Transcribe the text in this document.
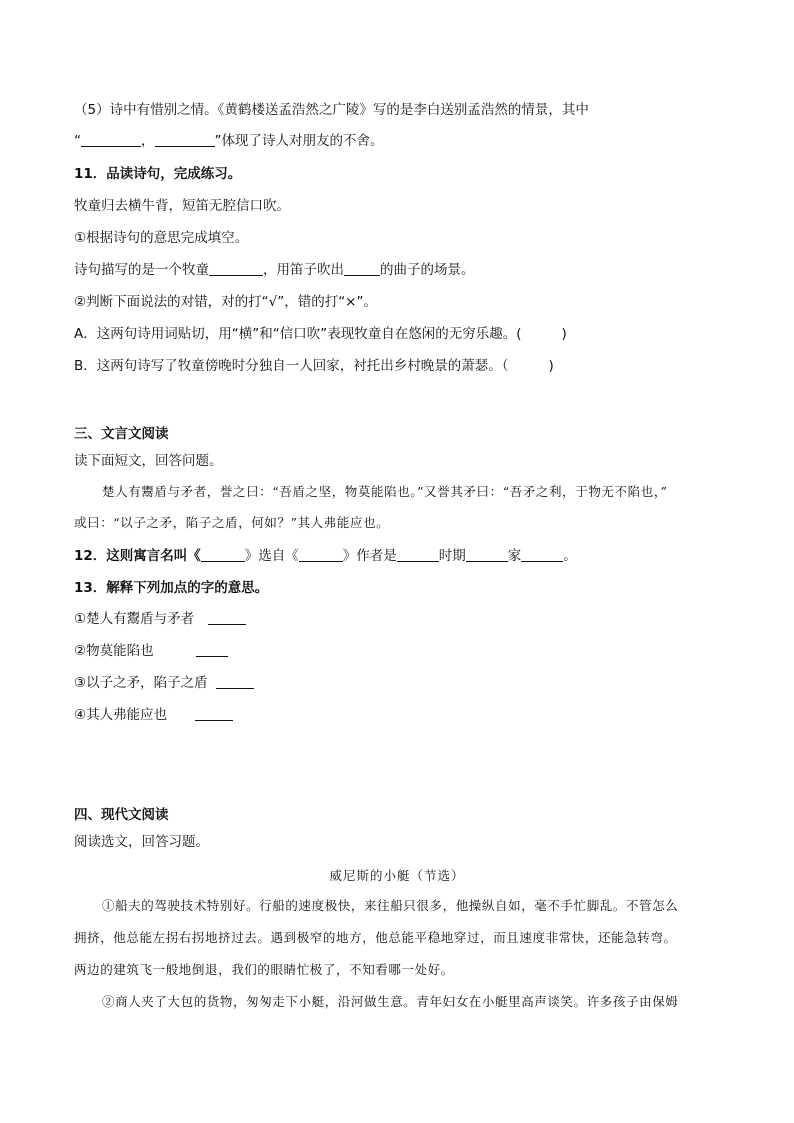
（5）诗中有惜别之情。《黄鹤楼送孟浩然之广陵》写的是李白送别孟浩然的情景，其中
“	，	”体现了诗人对朋友的不舍。
11．品读诗句，完成练习。
牧童归去横牛背，短笛无腔信口吹。
①根据诗句的意思完成填空。
诗句描写的是一个牧童	，用笛子吹出	的曲子的场景。
②判断下面说法的对错，对的打“√”，错的打“×”。
A．这两句诗用词贴切，用“横”和“信口吹”表现牧童自在悠闲的无穷乐趣。(	)
B．这两句诗写了牧童傍晚时分独自一人回家，衬托出乡村晚景的萧瑟。（	)
三、文言文阅读
读下面短文，回答问题。
楚人有鬻盾与矛者，誉之曰：“吾盾之坚，物莫能陷也。”又誉其矛曰：“吾矛之利，于物无不陷也，”
或曰：“以子之矛，陷子之盾，何如？”其人弗能应也。
12．这则寓言名叫《	》选自《	》作者是	时期	家	。
13．解释下列加点的字的意思。
①楚人有鬻盾与矛者
②物莫能陷也
③以子之矛，陷子之盾
④其人弗能应也
四、现代文阅读
阅读选文，回答习题。
威尼斯的小艇（节选）
①船夫的驾驶技术特别好。行船的速度极快，来往船只很多，他操纵自如，毫不手忙脚乱。不管怎么
拥挤，他总能左拐右拐地挤过去。遇到极窄的地方，他总能平稳地穿过，而且速度非常快，还能急转弯。
两边的建筑飞一般地倒退，我们的眼睛忙极了，不知看哪一处好。
②商人夹了大包的货物，匆匆走下小艇，沿河做生意。青年妇女在小艇里高声谈笑。许多孩子由保姆
